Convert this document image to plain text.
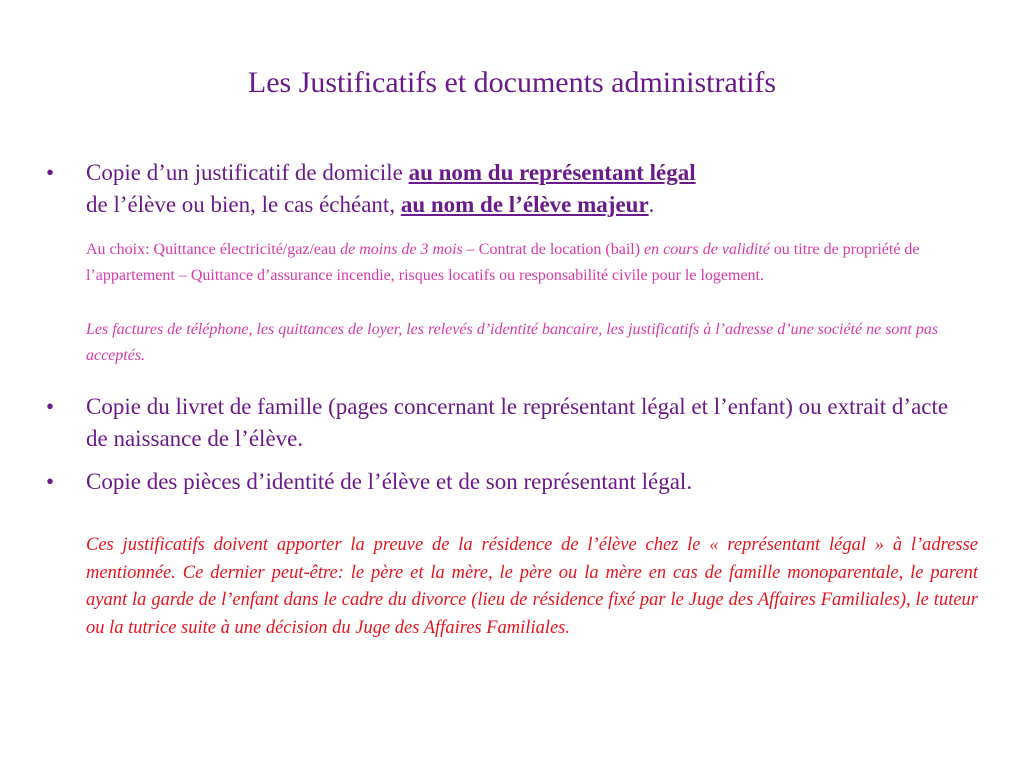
Les Justificatifs et documents administratifs
•	Copie d’un justificatif de domicile au nom du représentant légal
de l’élève ou bien, le cas échéant, au nom de l’élève majeur.
Au choix: Quittance électricité/gaz/eau de moins de 3 mois – Contrat de location (bail) en cours de validité ou titre de propriété de l’appartement – Quittance d’assurance incendie, risques locatifs ou responsabilité civile pour le logement.
Les factures de téléphone, les quittances de loyer, les relevés d’identité bancaire, les justificatifs à l’adresse d’une société ne sont pas acceptés.
•	Copie du livret de famille (pages concernant le représentant légal et l’enfant) ou extrait d’acte de naissance de l’élève.
•	Copie des pièces d’identité de l’élève et de son représentant légal.
Ces justificatifs doivent apporter la preuve de la résidence de l’élève chez le « représentant légal » à l’adresse mentionnée. Ce dernier peut-être: le père et la mère, le père ou la mère en cas de famille monoparentale, le parent ayant la garde de l’enfant dans le cadre du divorce (lieu de résidence fixé par le Juge des Affaires Familiales), le tuteur ou la tutrice suite à une décision du Juge des Affaires Familiales.
